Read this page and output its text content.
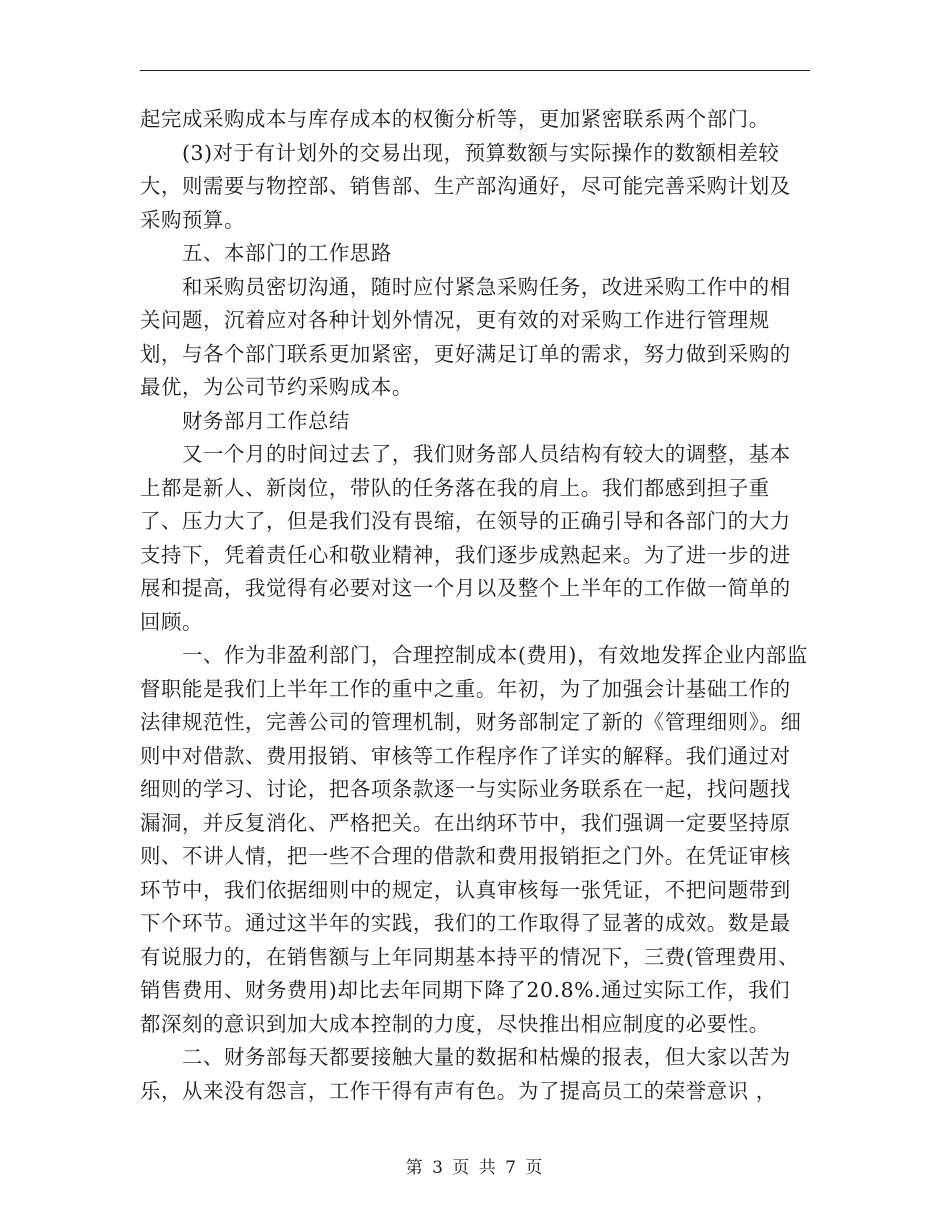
起完成采购成本与库存成本的权衡分析等，更加紧密联系两个部门。

(3)对于有计划外的交易出现，预算数额与实际操作的数额相差较大，则需要与物控部、销售部、生产部沟通好，尽可能完善采购计划及采购预算。

五、本部门的工作思路

和采购员密切沟通，随时应付紧急采购任务，改进采购工作中的相关问题，沉着应对各种计划外情况，更有效的对采购工作进行管理规划，与各个部门联系更加紧密，更好满足订单的需求，努力做到采购的最优，为公司节约采购成本。

财务部月工作总结

又一个月的时间过去了，我们财务部人员结构有较大的调整，基本上都是新人、新岗位，带队的任务落在我的肩上。我们都感到担子重了、压力大了，但是我们没有畏缩，在领导的正确引导和各部门的大力支持下，凭着责任心和敬业精神，我们逐步成熟起来。为了进一步的进展和提高，我觉得有必要对这一个月以及整个上半年的工作做一简单的回顾。

一、作为非盈利部门，合理控制成本(费用)，有效地发挥企业内部监督职能是我们上半年工作的重中之重。年初，为了加强会计基础工作的法律规范性，完善公司的管理机制，财务部制定了新的《管理细则》。细则中对借款、费用报销、审核等工作程序作了详实的解释。我们通过对细则的学习、讨论，把各项条款逐一与实际业务联系在一起，找问题找漏洞，并反复消化、严格把关。在出纳环节中，我们强调一定要坚持原则、不讲人情，把一些不合理的借款和费用报销拒之门外。在凭证审核环节中，我们依据细则中的规定，认真审核每一张凭证，不把问题带到下个环节。通过这半年的实践，我们的工作取得了显著的成效。数是最有说服力的，在销售额与上年同期基本持平的情况下，三费(管理费用、销售费用、财务费用)却比去年同期下降了20.8%.通过实际工作，我们都深刻的意识到加大成本控制的力度，尽快推出相应制度的必要性。

二、财务部每天都要接触大量的数据和枯燥的报表，但大家以苦为乐，从来没有怨言，工作干得有声有色。为了提高员工的荣誉意识 ，

第 3 页 共 7 页
